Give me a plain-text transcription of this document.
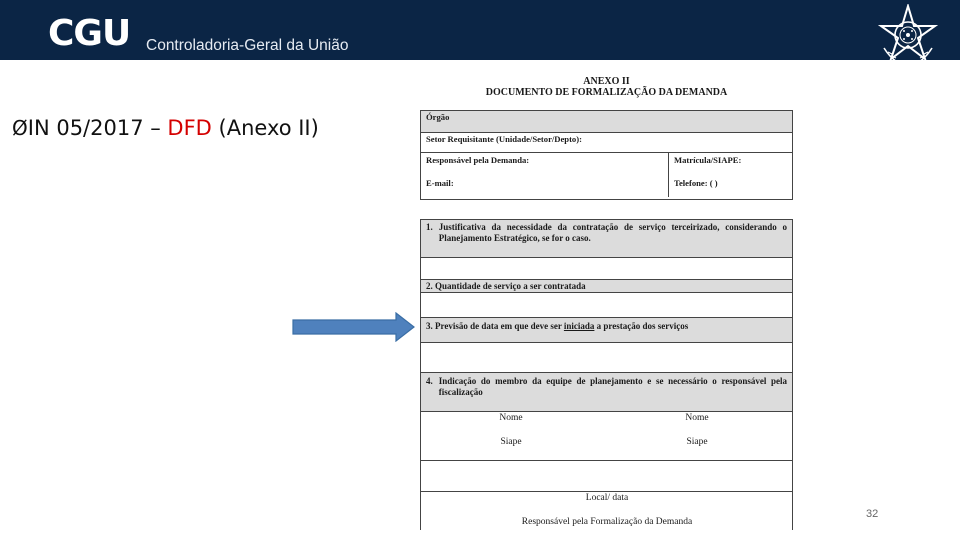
CGU Controladoria-Geral da União
ØIN 05/2017 – DFD (Anexo II)
ANEXO II
DOCUMENTO DE FORMALIZAÇÃO DA DEMANDA
Órgão
Setor Requisitante (Unidade/Setor/Depto):
Responsável pela Demanda:
E-mail:
Matrícula/SIAPE:
Telefone: ( )
1. Justificativa da necessidade da contratação de serviço terceirizado, considerando o Planejamento Estratégico, se for o caso.
2. Quantidade de serviço a ser contratada
3. Previsão de data em que deve ser iniciada a prestação dos serviços
4. Indicação do membro da equipe de planejamento e se necessário o responsável pela fiscalização
Nome	Nome
Siape	Siape
Local/ data
Responsável pela Formalização da Demanda
32
